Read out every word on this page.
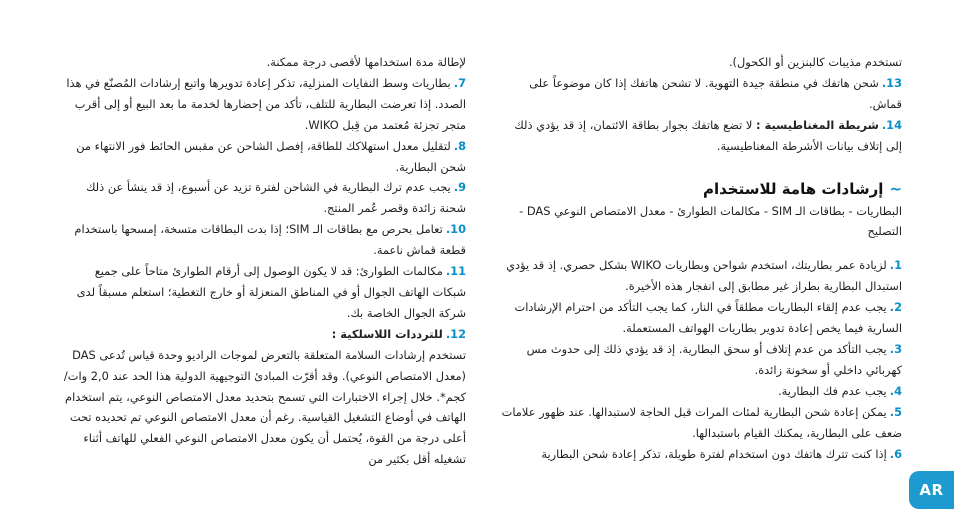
لإطالة مدة استخدامها لأقصى درجة ممكنة.

7.بطاريات وسط النفايات المنزلية، تذكر إعادة تدويرها واتبع إرشادات المُصنّع في هذا الصدد. إذا تعرضت البطارية للتلف، تأكد من إحضارها لخدمة ما بعد البيع أو إلى أقرب متجر تجزئة مُعتمد من قِبل WIKO.

8.لتقليل معدل استهلاكك للطاقة، إفصل الشاحن عن مقبس الحائط فور الانتهاء من شحن البطارية.

9.يجب عدم ترك البطارية في الشاحن لفترة تزيد عن أسبوع، إذ قد ينشأ عن ذلك شحنة زائدة وقصر عُمر المنتج.

10.تعامل بحرص مع بطاقات الـ SIM؛ إذا بدت البطاقات متسخة، إمسحها باستخدام قطعة قماش ناعمة.

11.مكالمات الطوارئ: قد لا يكون الوصول إلى أرقام الطوارئ متاحاً على جميع شبكات الهاتف الجوال أو في المناطق المنعزلة أو خارج التغطية؛ استعلم مسبقاً لدى شركة الجوال الخاصة بك.

12.للترددات اللاسلكية :
تستخدم إرشادات السلامة المتعلقة بالتعرض لموجات الراديو وحدة قياس تُدعى DAS (معدل الامتصاص النوعي). وقد أقرّت المبادئ التوجيهية الدولية هذا الحد عند 2,0 وات/كجم*. خلال إجراء الاختبارات التي تسمح بتحديد معدل الامتصاص النوعي، يتم استخدام الهاتف في أوضاع التشغيل القياسية. رغم أن معدل الامتصاص النوعي تم تحديده تحت أعلى درجة من القوة، يُحتمل أن يكون معدل الامتصاص النوعي الفعلي للهاتف أثناء تشغيله أقل بكثير من

تستخدم مذيبات كالبنزين أو الكحول).

13.شحن هاتفك في منطقة جيدة التهوية. لا تشحن هاتفك إذا كان موضوعاً على قماش.

14.شريطة المغناطيسية : لا تضع هاتفك بجوار بطاقة الائتمان، إذ قد يؤدي ذلك إلى إتلاف بيانات الأشرطة المغناطيسية.

~إرشادات هامة للاستخدام

البطاريات - بطاقات الـ SIM - مكالمات الطوارئ - معدل الامتصاص النوعي DAS - التصليح

1.لزيادة عمر بطاريتك، استخدم شواحن وبطاريات WIKO بشكل حصري. إذ قد يؤدي استبدال البطارية بطراز غير مطابق إلى انفجار هذه الأخيرة.

2.يجب عدم إلقاء البطاريات مطلقاً في النار، كما يجب التأكد من احترام الإرشادات السارية فيما يخص إعادة تدوير بطاريات الهواتف المستعملة.

3.يجب التأكد من عدم إتلاف أو سحق البطارية. إذ قد يؤدي ذلك إلى حدوث مس كهربائي داخلي أو سخونة زائدة.

4.يجب عدم فك البطارية.

5.يمكن إعادة شحن البطارية لمئات المرات قبل الحاجة لاستبدالها. عند ظهور علامات ضعف على البطارية، يمكنك القيام باستبدالها.

6.إذا كنت تترك هاتفك دون استخدام لفترة طويلة، تذكر إعادة شحن البطارية

AR
